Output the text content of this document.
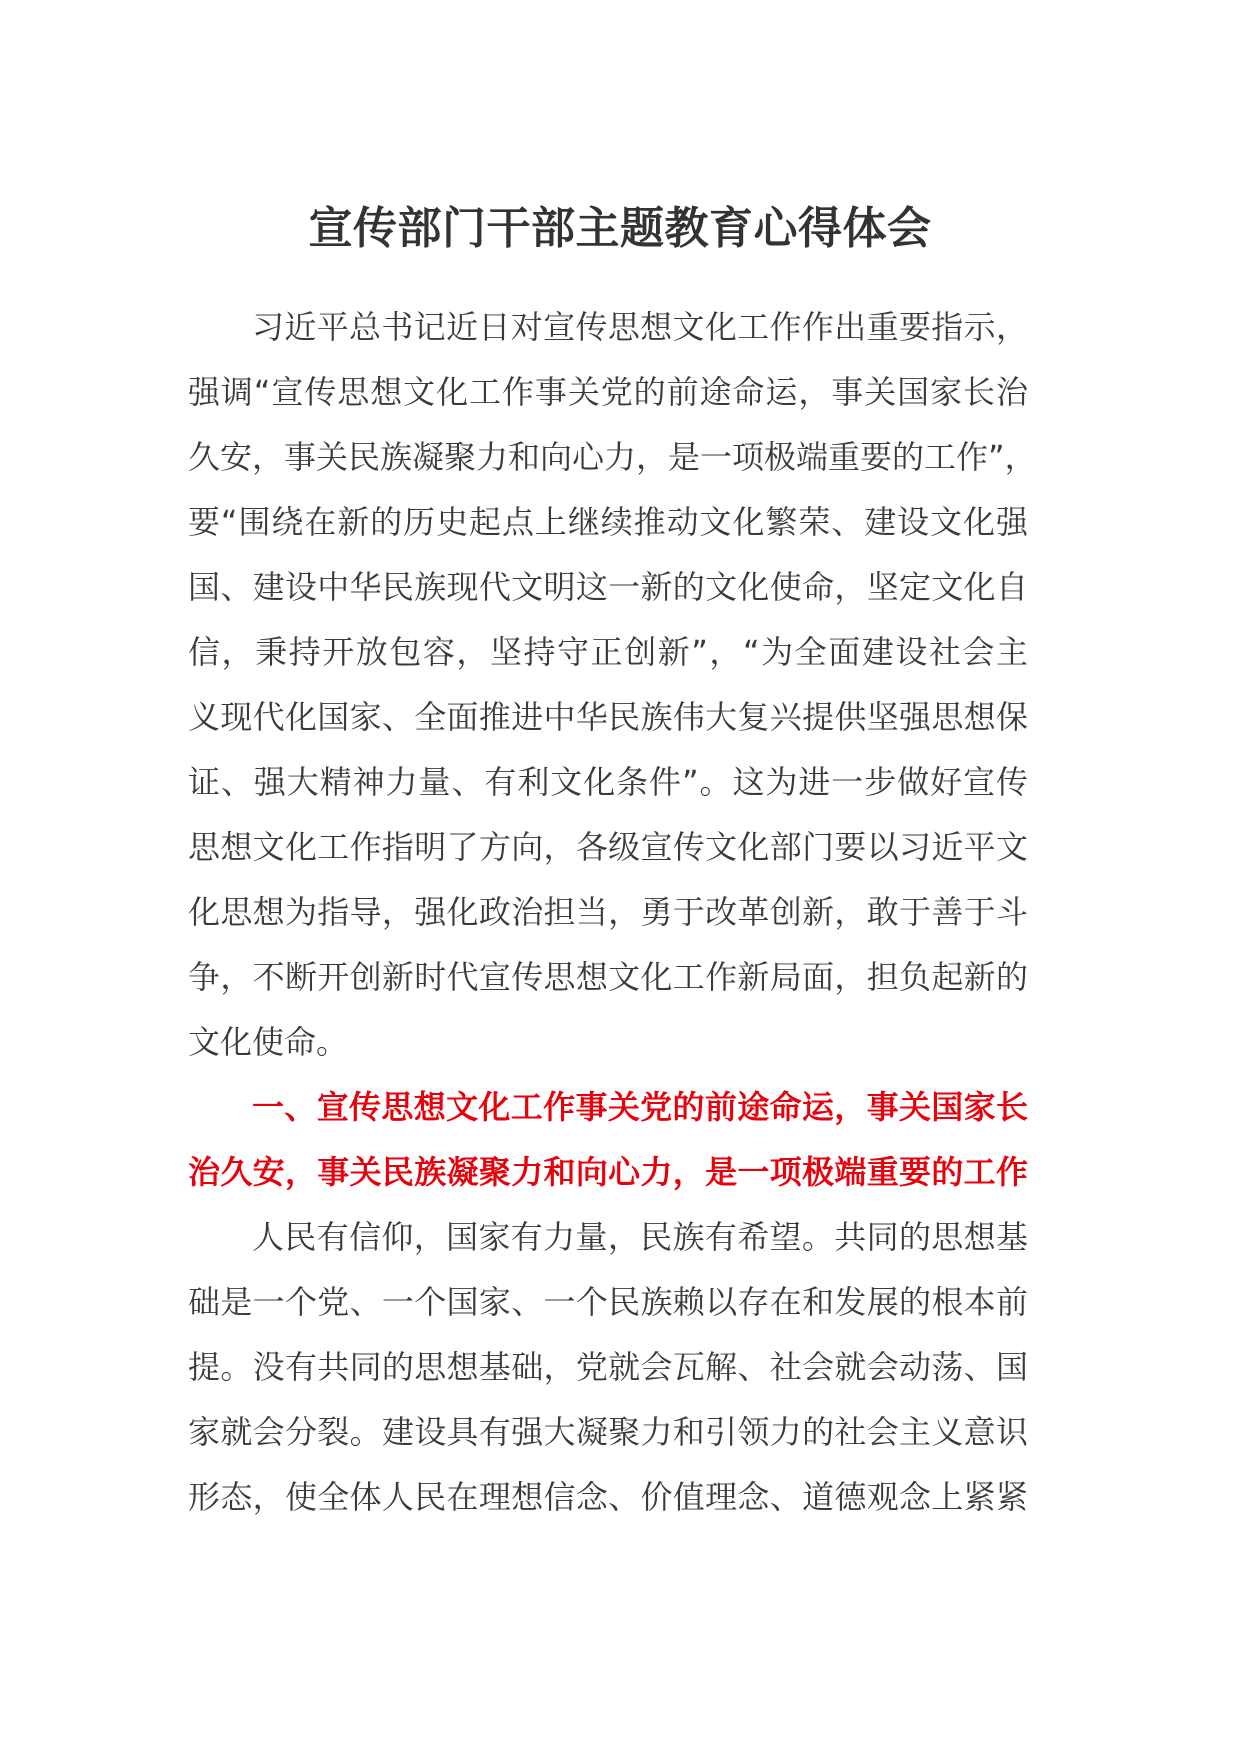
宣传部门干部主题教育心得体会
习近平总书记近日对宣传思想文化工作作出重要指示，
强调“宣传思想文化工作事关党的前途命运，事关国家长治
久安，事关民族凝聚力和向心力，是一项极端重要的工作”，
要“围绕在新的历史起点上继续推动文化繁荣、建设文化强
国、建设中华民族现代文明这一新的文化使命，坚定文化自
信，秉持开放包容，坚持守正创新”，“为全面建设社会主
义现代化国家、全面推进中华民族伟大复兴提供坚强思想保
证、强大精神力量、有利文化条件”。这为进一步做好宣传
思想文化工作指明了方向，各级宣传文化部门要以习近平文
化思想为指导，强化政治担当，勇于改革创新，敢于善于斗
争，不断开创新时代宣传思想文化工作新局面，担负起新的
文化使命。
一、宣传思想文化工作事关党的前途命运，事关国家长
治久安，事关民族凝聚力和向心力，是一项极端重要的工作
人民有信仰，国家有力量，民族有希望。共同的思想基
础是一个党、一个国家、一个民族赖以存在和发展的根本前
提。没有共同的思想基础，党就会瓦解、社会就会动荡、国
家就会分裂。建设具有强大凝聚力和引领力的社会主义意识
形态，使全体人民在理想信念、价值理念、道德观念上紧紧
